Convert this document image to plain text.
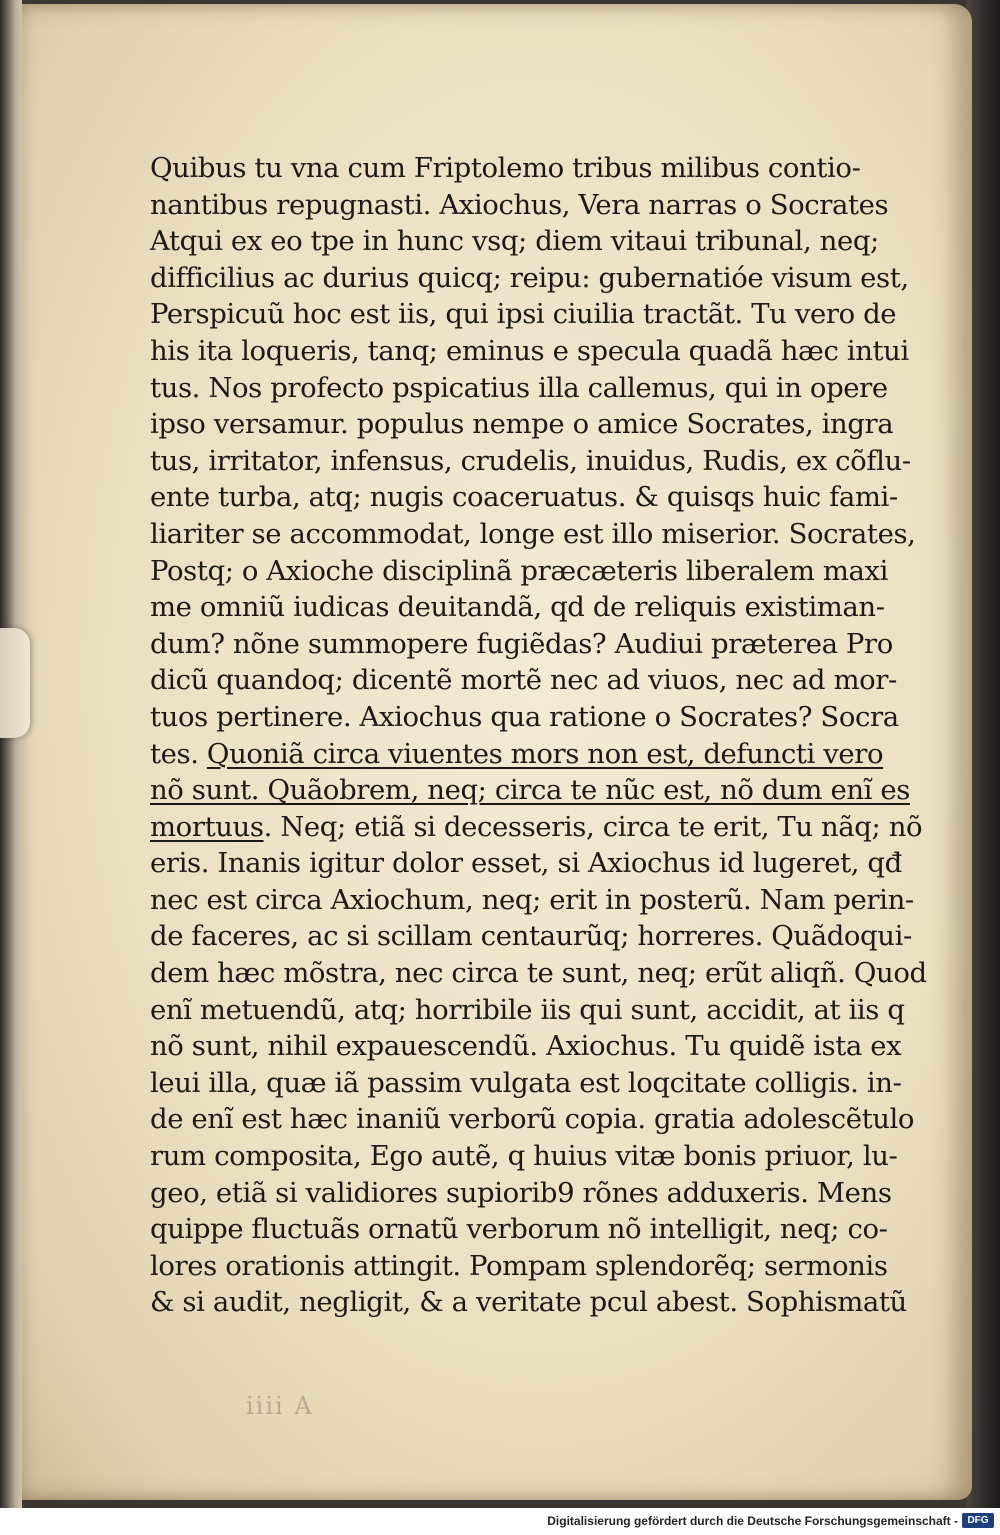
Quibus tu vna cum Friptolemo tribus milibus contio-
nantibus repugnasti. Axiochus, Vera narras o Socrates
Atqui ex eo tpe in hunc vsq; diem vitaui tribunal, neq;
difficilius ac durius quicq; reipu: gubernatióe visum est,
Perspicuũ hoc est iis, qui ipsi ciuilia tractãt. Tu vero de
his ita loqueris, tanq; eminus e specula quadã hæc intui
tus. Nos profecto pspicatius illa callemus, qui in opere
ipso versamur. populus nempe o amice Socrates, ingra
tus, irritator, infensus, crudelis, inuidus, Rudis, ex cõflu-
ente turba, atq; nugis coaceruatus. & quisqs huic fami-
liariter se accommodat, longe est illo miserior. Socrates,
Postq; o Axioche disciplinã præcæteris liberalem maxi
me omniũ iudicas deuitandã, qd de reliquis existiman-
dum? nõne summopere fugiẽdas? Audiui præterea Pro
dicũ quandoq; dicentẽ mortẽ nec ad viuos, nec ad mor-
tuos pertinere. Axiochus qua ratione o Socrates? Socra
tes. Quoniã circa viuentes mors non est, defuncti vero
nõ sunt. Quãobrem, neq; circa te nũc est, nõ dum enĩ es
mortuus. Neq; etiã si decesseris, circa te erit, Tu nãq; nõ
eris. Inanis igitur dolor esset, si Axiochus id lugeret, qđ
nec est circa Axiochum, neq; erit in posterũ. Nam perin-
de faceres, ac si scillam centaurũq; horreres. Quãdoqui-
dem hæc mõstra, nec circa te sunt, neq; erũt aliqñ. Quod
enĩ metuendũ, atq; horribile iis qui sunt, accidit, at iis q
nõ sunt, nihil expauescendũ. Axiochus. Tu quidẽ ista ex
leui illa, quæ iã passim vulgata est loqcitate colligis. in-
de enĩ est hæc inaniũ verborũ copia. gratia adolescẽtulo
rum composita, Ego autẽ, q huius vitæ bonis priuor, lu-
geo, etiã si validiores supiorib9 rõnes adduxeris. Mens
quippe fluctuãs ornatũ verborum nõ intelligit, neq; co-
lores orationis attingit. Pompam splendorẽq; sermonis
& si audit, negligit, & a veritate pcul abest. Sophismatũ
iiii A
Digitalisierung gefördert durch die Deutsche Forschungsgemeinschaft - DFG
